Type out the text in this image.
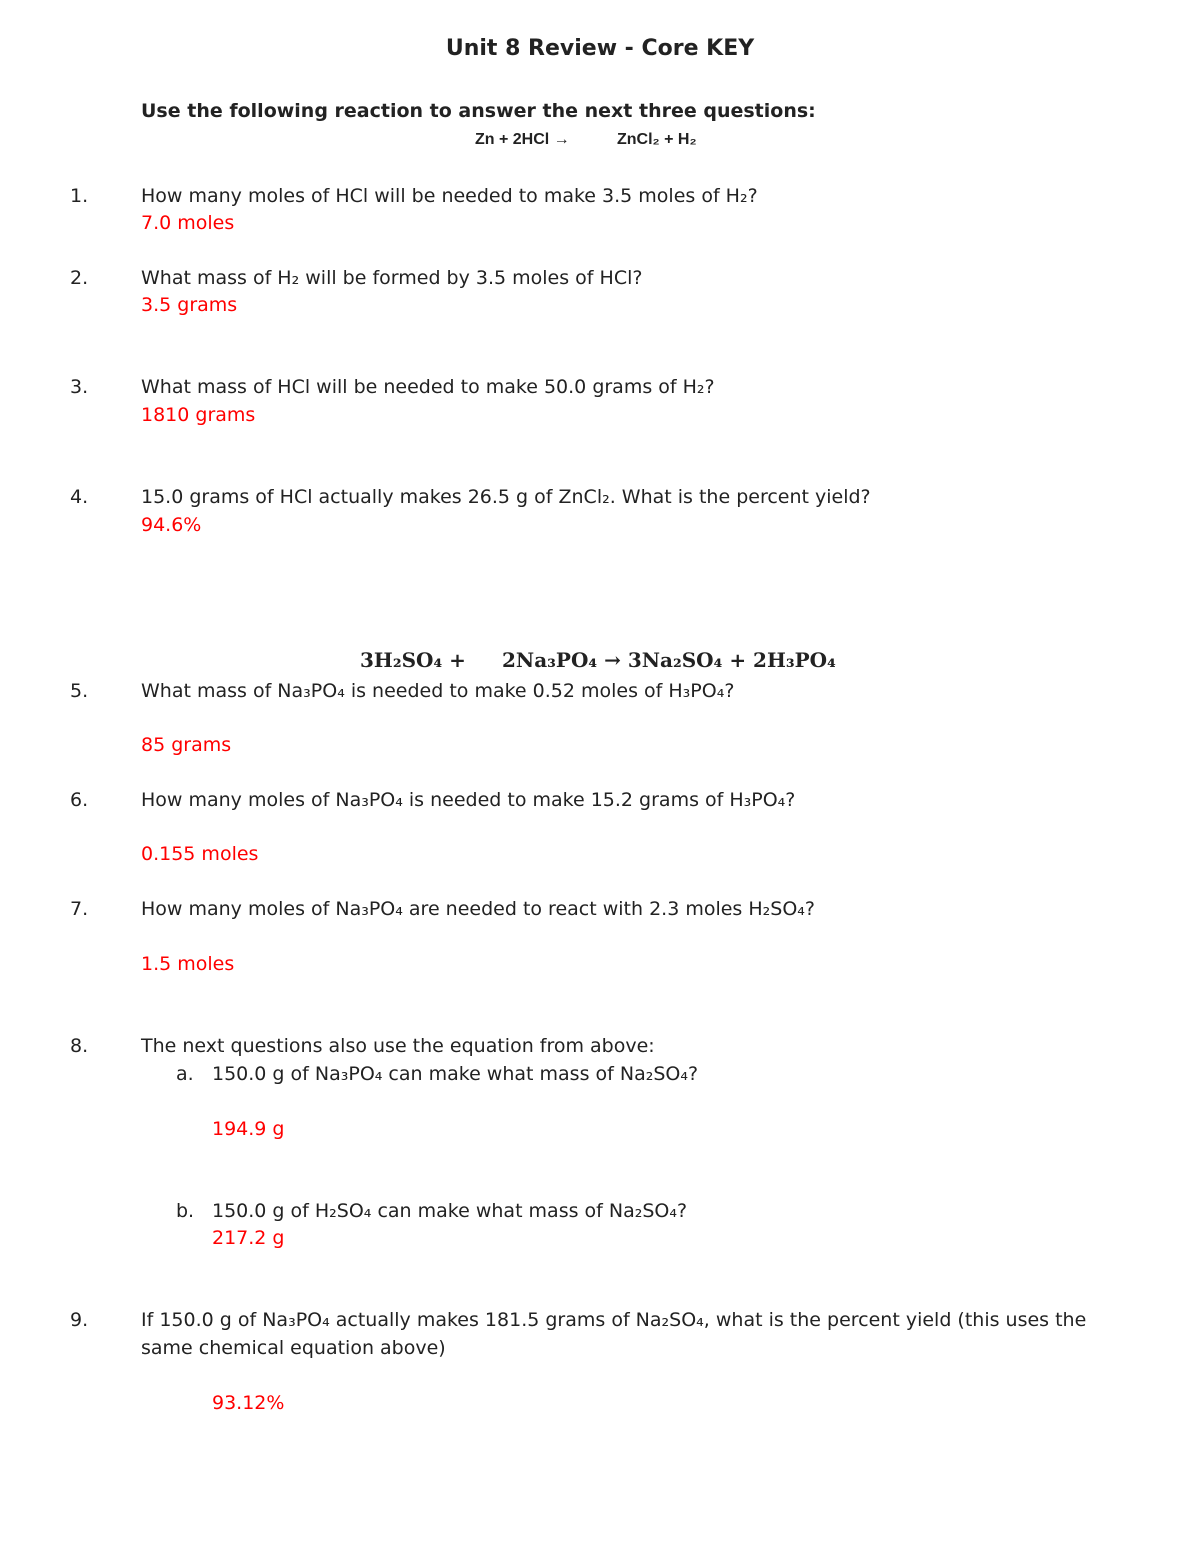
Unit 8 Review - Core KEY
Use the following reaction to answer the next three questions:
Zn + 2HCl →	ZnCl₂ + H₂
1.	How many moles of HCl will be needed to make 3.5 moles of H₂?
7.0 moles
2.	What mass of H₂ will be formed by 3.5 moles of HCl?
3.5 grams
3.	What mass of HCl will be needed to make 50.0 grams of H₂?
1810 grams
4.	15.0 grams of HCl actually makes 26.5 g of ZnCl₂. What is the percent yield?
94.6%
3H₂SO₄ + 2Na₃PO₄ → 3Na₂SO₄ + 2H₃PO₄
5.	What mass of Na₃PO₄ is needed to make 0.52 moles of H₃PO₄?
85 grams
6.	How many moles of Na₃PO₄ is needed to make 15.2 grams of H₃PO₄?
0.155 moles
7.	How many moles of Na₃PO₄ are needed to react with 2.3 moles H₂SO₄?
1.5 moles
8.	The next questions also use the equation from above:
a. 150.0 g of Na₃PO₄ can make what mass of Na₂SO₄?
194.9 g
b. 150.0 g of H₂SO₄ can make what mass of Na₂SO₄?
217.2 g
9.	If 150.0 g of Na₃PO₄ actually makes 181.5 grams of Na₂SO₄, what is the percent yield (this uses the
same chemical equation above)
93.12%
